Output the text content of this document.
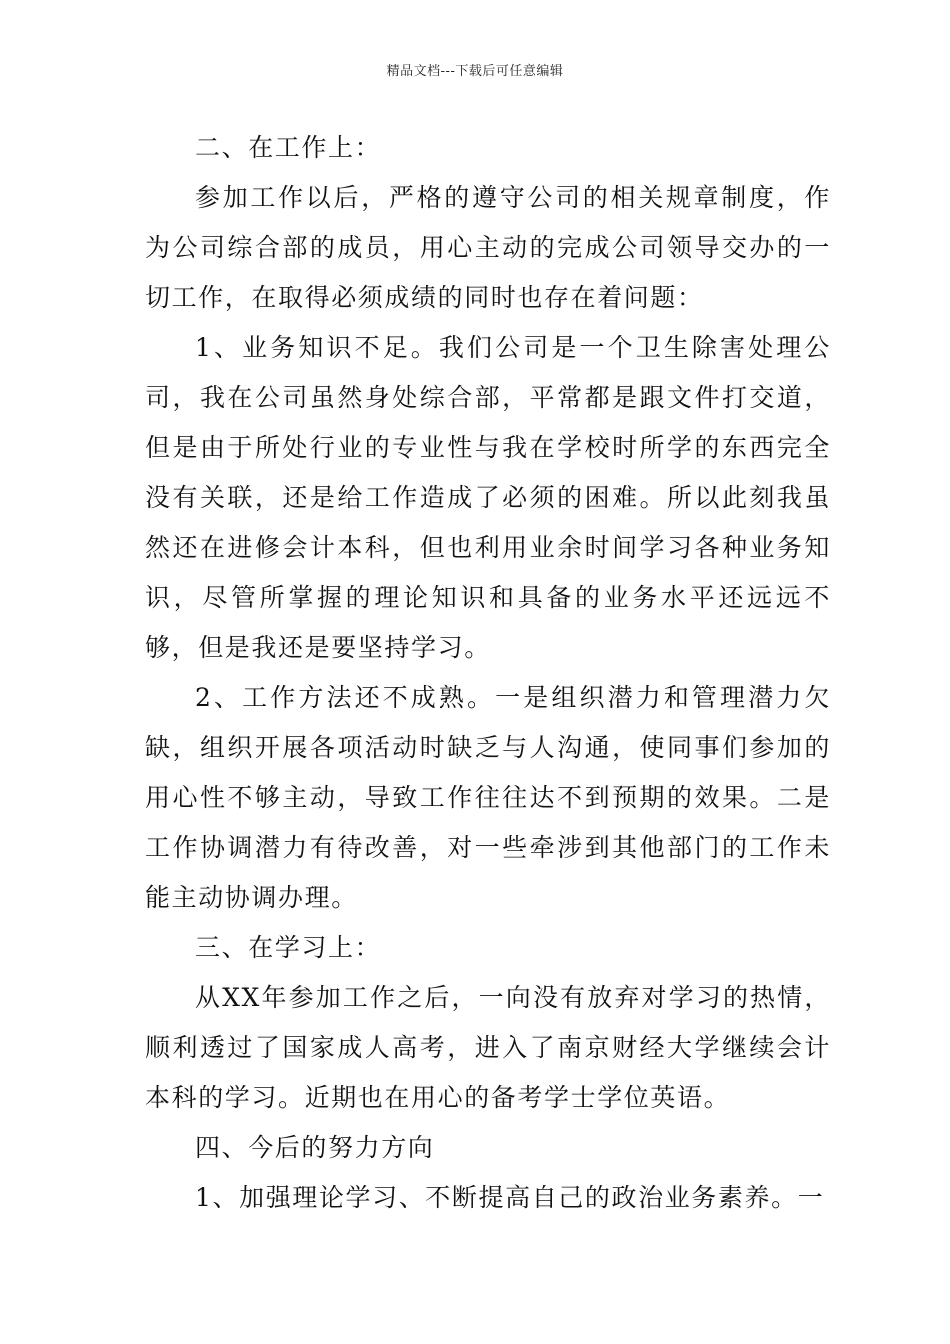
精品文档---下载后可任意编辑

二、在工作上：

参加工作以后，严格的遵守公司的相关规章制度，作为公司综合部的成员，用心主动的完成公司领导交办的一切工作，在取得必须成绩的同时也存在着问题：

1、业务知识不足。我们公司是一个卫生除害处理公司，我在公司虽然身处综合部，平常都是跟文件打交道，但是由于所处行业的专业性与我在学校时所学的东西完全没有关联，还是给工作造成了必须的困难。所以此刻我虽然还在进修会计本科，但也利用业余时间学习各种业务知识，尽管所掌握的理论知识和具备的业务水平还远远不够，但是我还是要坚持学习。

2、工作方法还不成熟。一是组织潜力和管理潜力欠缺，组织开展各项活动时缺乏与人沟通，使同事们参加的用心性不够主动，导致工作往往达不到预期的效果。二是工作协调潜力有待改善，对一些牵涉到其他部门的工作未能主动协调办理。

三、在学习上：

从XX年参加工作之后，一向没有放弃对学习的热情，顺利透过了国家成人高考，进入了南京财经大学继续会计本科的学习。近期也在用心的备考学士学位英语。

四、今后的努力方向

1、加强理论学习、不断提高自己的政治业务素养。一
